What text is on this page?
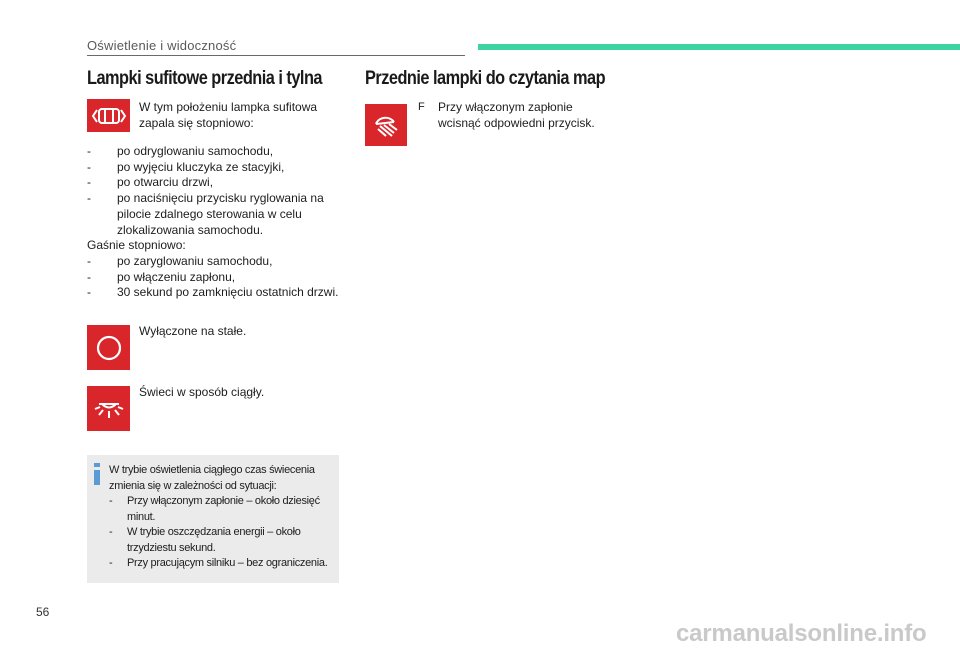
Oświetlenie i widoczność
Lampki sufitowe przednia i tylna
W tym położeniu lampka sufitowa zapala się stopniowo:
- po odryglowaniu samochodu,
- po wyjęciu kluczyka ze stacyjki,
- po otwarciu drzwi,
- po naciśnięciu przycisku ryglowania na pilocie zdalnego sterowania w celu zlokalizowania samochodu.
Gaśnie stopniowo:
- po zaryglowaniu samochodu,
- po włączeniu zapłonu,
- 30 sekund po zamknięciu ostatnich drzwi.
Wyłączone na stałe.
Świeci w sposób ciągły.
W trybie oświetlenia ciągłego czas świecenia zmienia się w zależności od sytuacji:
- Przy włączonym zapłonie – około dziesięć minut.
- W trybie oszczędzania energii – około trzydziestu sekund.
- Przy pracującym silniku – bez ograniczenia.
Przednie lampki do czytania map
F	Przy włączonym zapłonie wcisnąć odpowiedni przycisk.
56
carmanualsonline.info
